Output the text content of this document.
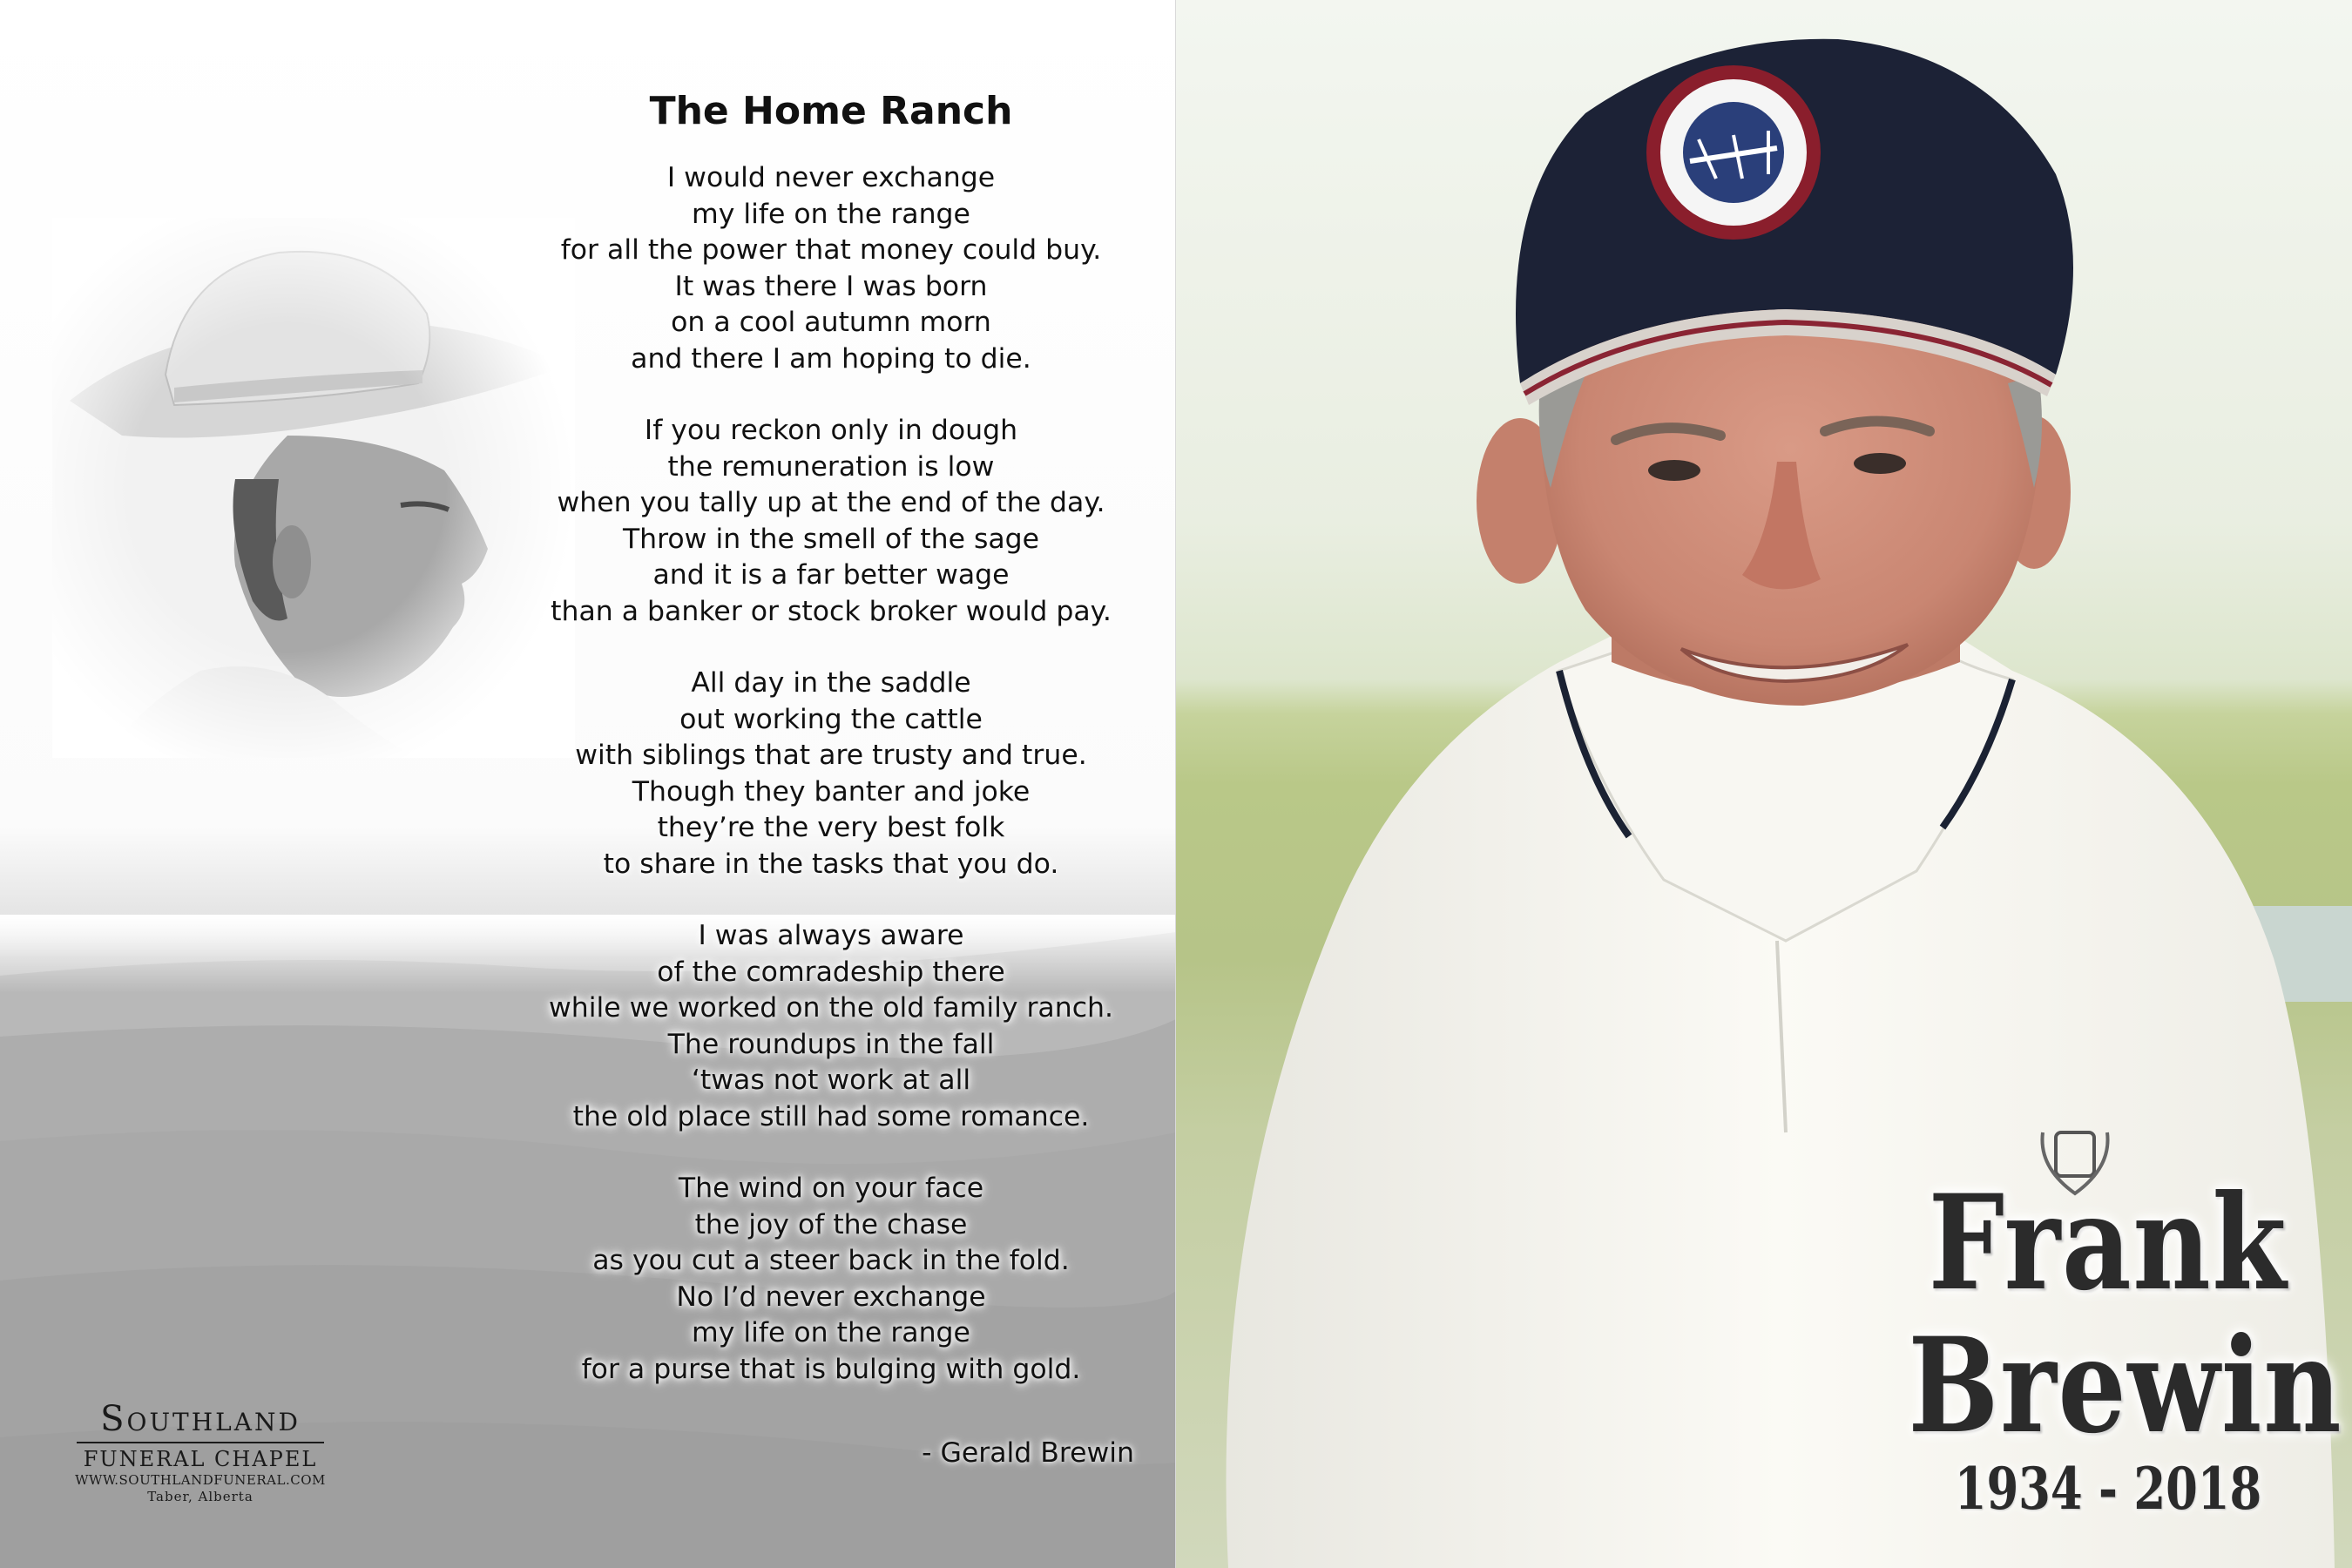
The Home Ranch
I would never exchange
my life on the range
for all the power that money could buy.
It was there I was born
on a cool autumn morn
and there I am hoping to die.
If you reckon only in dough
the remuneration is low
when you tally up at the end of the day.
Throw in the smell of the sage
and it is a far better wage
than a banker or stock broker would pay.
All day in the saddle
out working the cattle
with siblings that are trusty and true.
Though they banter and joke
they’re the very best folk
to share in the tasks that you do.
I was always aware
of the comradeship there
while we worked on the old family ranch.
The roundups in the fall
‘twas not work at all
the old place still had some romance.
The wind on your face
the joy of the chase
as you cut a steer back in the fold.
No I’d never exchange
my life on the range
for a purse that is bulging with gold.
- Gerald Brewin
Southland
FUNERAL CHAPEL
WWW.SOUTHLANDFUNERAL.COM
Taber, Alberta
Frank
Brewin
1934 - 2018
